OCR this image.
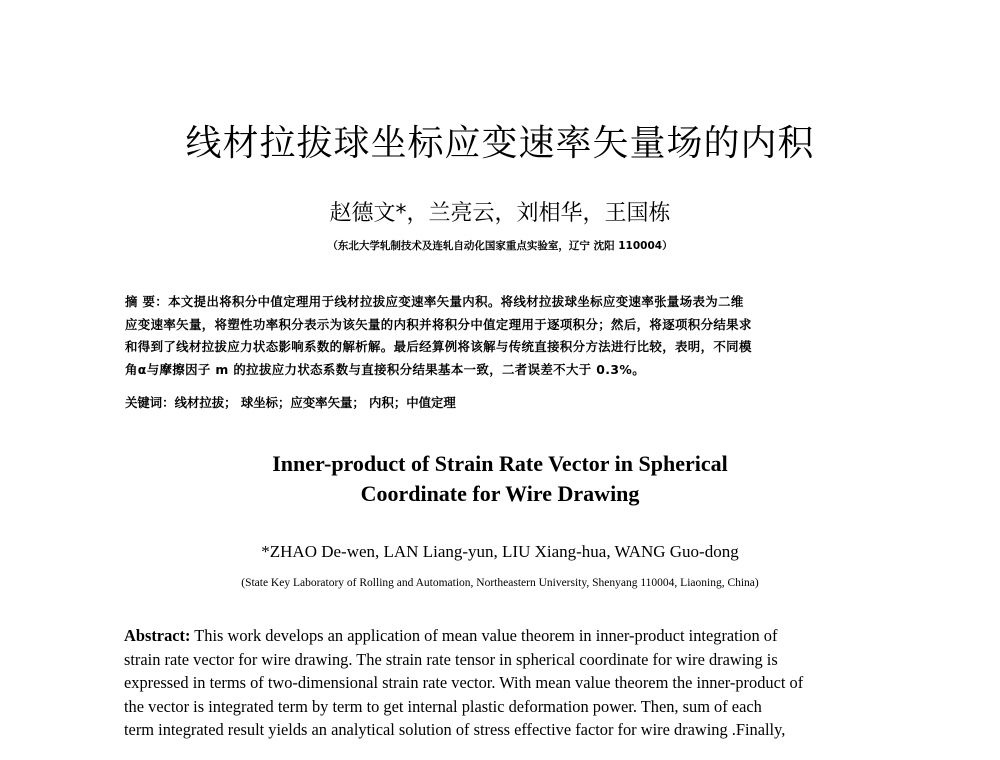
线材拉拔球坐标应变速率矢量场的内积
赵德文*，兰亮云，刘相华，王国栋
（东北大学轧制技术及连轧自动化国家重点实验室，辽宁 沈阳 110004）
摘 要：本文提出将积分中值定理用于线材拉拔应变速率矢量内积。将线材拉拔球坐标应变速率张量场表为二维
应变速率矢量，将塑性功率积分表示为该矢量的内积并将积分中值定理用于逐项积分；然后，将逐项积分结果求
和得到了线材拉拔应力状态影响系数的解析解。最后经算例将该解与传统直接积分方法进行比较，表明，不同模
角α与摩擦因子 m 的拉拔应力状态系数与直接积分结果基本一致，二者误差不大于 0.3%。
关键词：线材拉拔； 球坐标；应变率矢量； 内积；中值定理
Inner-product of Strain Rate Vector in Spherical
Coordinate for Wire Drawing
*ZHAO De-wen, LAN Liang-yun, LIU Xiang-hua, WANG Guo-dong
(State Key Laboratory of Rolling and Automation, Northeastern University, Shenyang 110004, Liaoning, China)
Abstract: This work develops an application of mean value theorem in inner-product integration of
strain rate vector for wire drawing. The strain rate tensor in spherical coordinate for wire drawing is
expressed in terms of two-dimensional strain rate vector. With mean value theorem the inner-product of
the vector is integrated term by term to get internal plastic deformation power. Then, sum of each
term integrated result yields an analytical solution of stress effective factor for wire drawing .Finally,
